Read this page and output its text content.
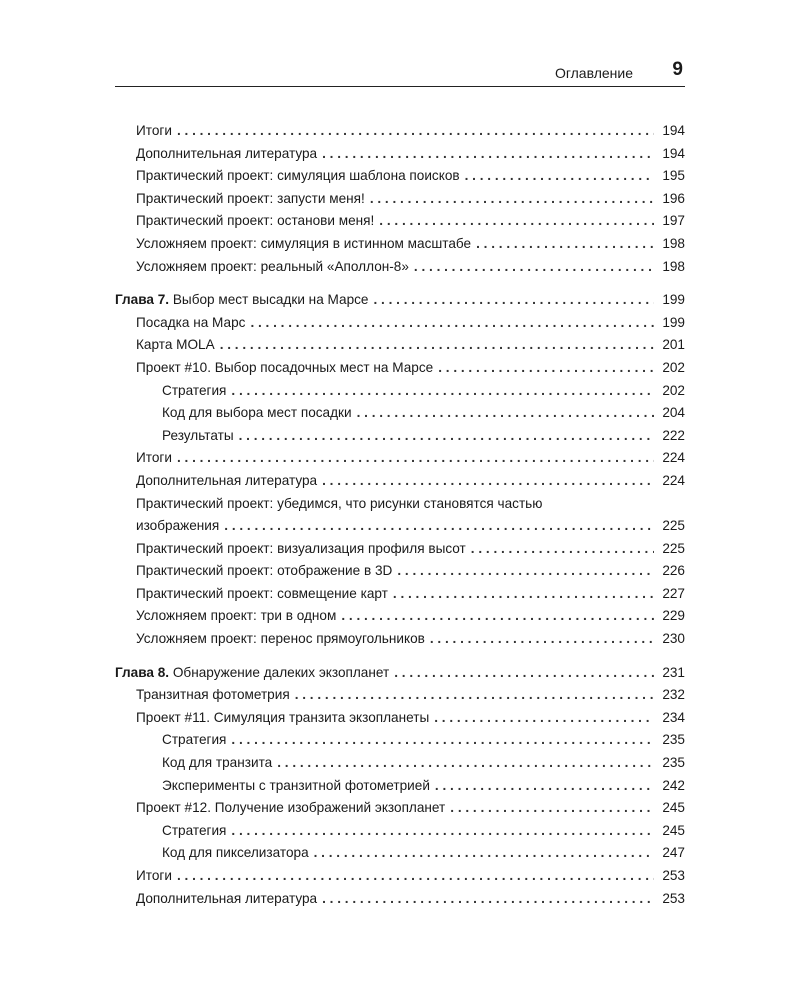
Оглавление 9
Итоги . . .	194
Дополнительная литература . . .	194
Практический проект: симуляция шаблона поисков . . .	195
Практический проект: запусти меня! . . .	196
Практический проект: останови меня! . . .	197
Усложняем проект: симуляция в истинном масштабе . . .	198
Усложняем проект: реальный «Аполлон-8» . . .	198
Глава 7. Выбор мест высадки на Марсе . . .	199
Посадка на Марс . . .	199
Карта MOLA . . .	201
Проект #10. Выбор посадочных мест на Марсе . . .	202
Стратегия . . .	202
Код для выбора мест посадки . . .	204
Результаты . . .	222
Итоги . . .	224
Дополнительная литература . . .	224
Практический проект: убедимся, что рисунки становятся частью
изображения . . .	225
Практический проект: визуализация профиля высот . . .	225
Практический проект: отображение в 3D . . .	226
Практический проект: совмещение карт . . .	227
Усложняем проект: три в одном . . .	229
Усложняем проект: перенос прямоугольников . . .	230
Глава 8. Обнаружение далеких экзопланет . . .	231
Транзитная фотометрия . . .	232
Проект #11. Симуляция транзита экзопланеты . . .	234
Стратегия . . .	235
Код для транзита . . .	235
Эксперименты с транзитной фотометрией . . .	242
Проект #12. Получение изображений экзопланет . . .	245
Стратегия . . .	245
Код для пикселизатора . . .	247
Итоги . . .	253
Дополнительная литература . . .	253
